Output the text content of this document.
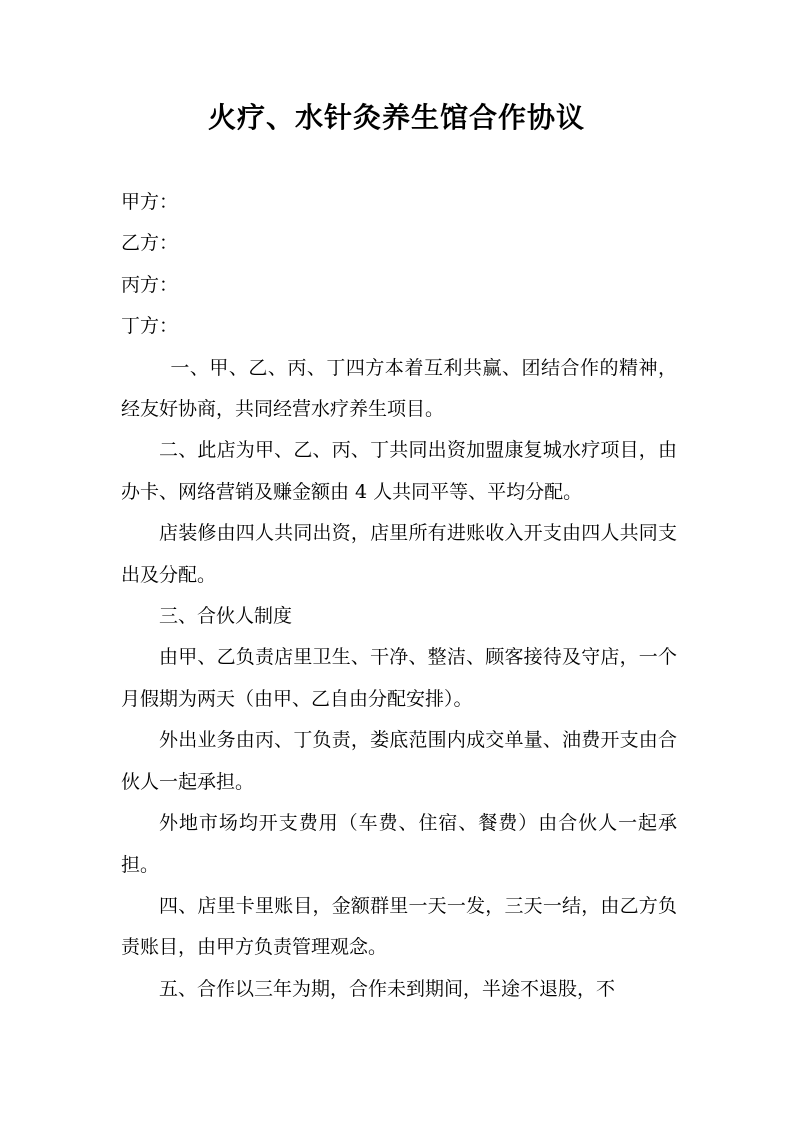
火疗、水针灸养生馆合作协议

甲方：

乙方：

丙方：

丁方：

一、甲、乙、丙、丁四方本着互利共赢、团结合作的精神，经友好协商，共同经营水疗养生项目。

二、此店为甲、乙、丙、丁共同出资加盟康复城水疗项目，由办卡、网络营销及赚金额由 4 人共同平等、平均分配。

店装修由四人共同出资，店里所有进账收入开支由四人共同支出及分配。

三、合伙人制度

由甲、乙负责店里卫生、干净、整洁、顾客接待及守店，一个月假期为两天（由甲、乙自由分配安排）。

外出业务由丙、丁负责，娄底范围内成交单量、油费开支由合伙人一起承担。

外地市场均开支费用（车费、住宿、餐费）由合伙人一起承担。

四、店里卡里账目，金额群里一天一发，三天一结，由乙方负责账目，由甲方负责管理观念。

五、合作以三年为期，合作未到期间，半途不退股，不
